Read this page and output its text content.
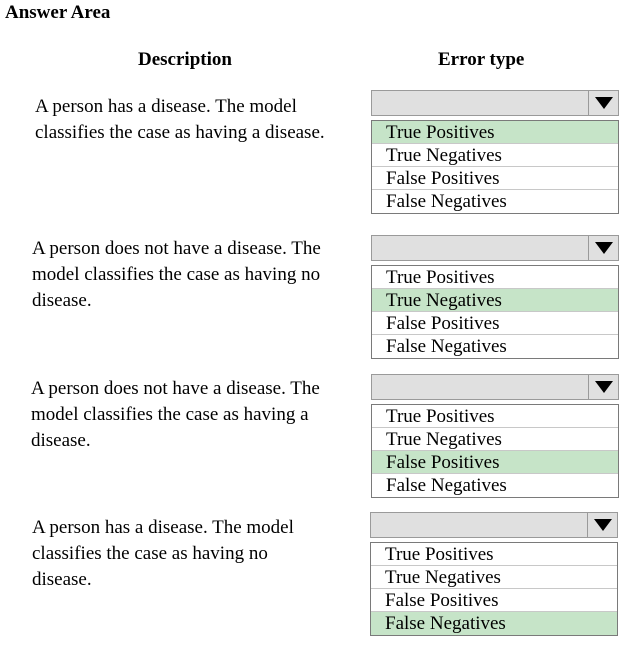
Answer Area
Description	Error type
A person has a disease. The model
classifies the case as having a disease.	True Positives
True Negatives
False Positives
False Negatives
A person does not have a disease. The
model classifies the case as having no
disease.
True Positives
True Negatives
False Positives
False Negatives
A person does not have a disease. The
model classifies the case as having a
disease.
True Positives
True Negatives
False Positives
False Negatives
A person has a disease. The model
classifies the case as having no
disease.
True Positives
True Negatives
False Positives
False Negatives
